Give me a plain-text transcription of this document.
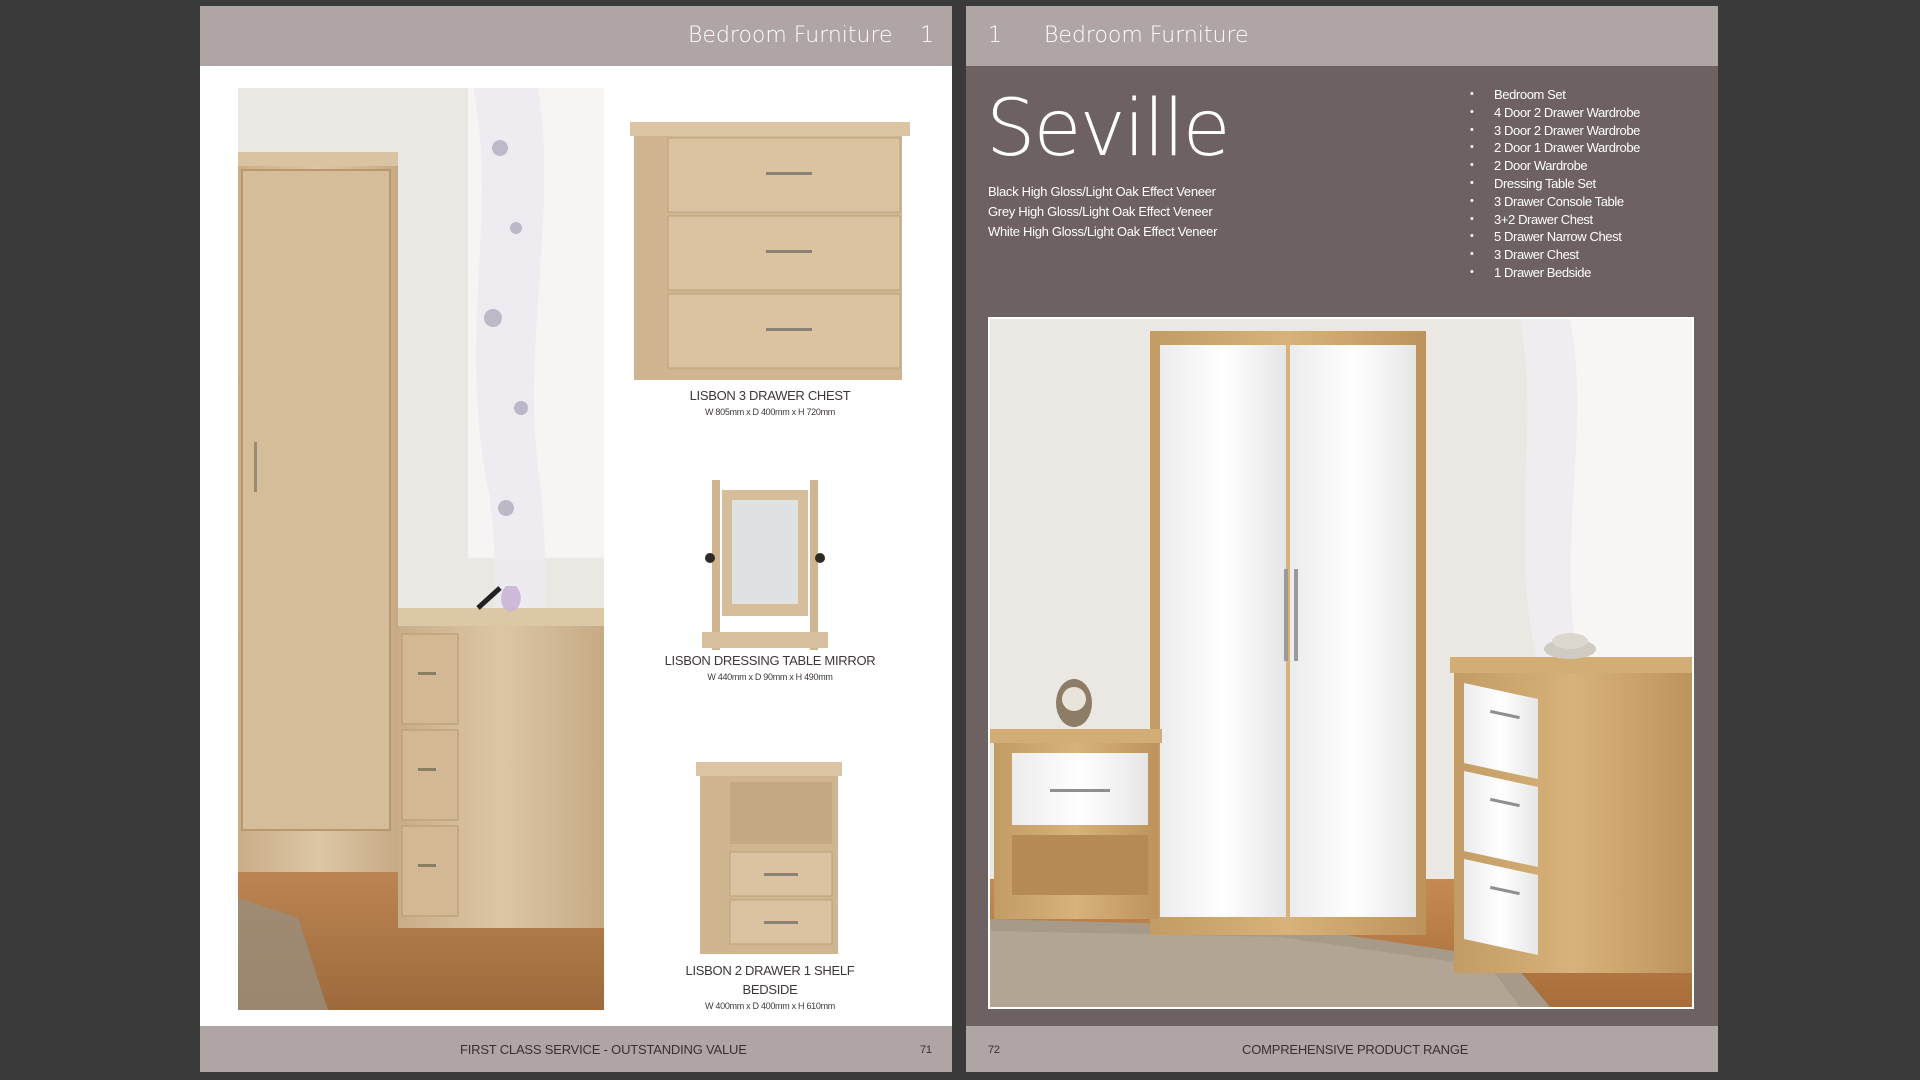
Bedroom Furniture 1
LISBON 3 DRAWER CHEST
W 805mm x D 400mm x H 720mm
LISBON DRESSING TABLE MIRROR
W 440mm x D 90mm x H 490mm
LISBON 2 DRAWER 1 SHELF BEDSIDE
W 400mm x D 400mm x H 610mm
FIRST CLASS SERVICE - OUTSTANDING VALUE	71
1 Bedroom Furniture
Seville
Black High Gloss/Light Oak Effect Veneer
Grey High Gloss/Light Oak Effect Veneer
White High Gloss/Light Oak Effect Veneer
• Bedroom Set
• 4 Door 2 Drawer Wardrobe
• 3 Door 2 Drawer Wardrobe
• 2 Door 1 Drawer Wardrobe
• 2 Door Wardrobe
• Dressing Table Set
• 3 Drawer Console Table
• 3+2 Drawer Chest
• 5 Drawer Narrow Chest
• 3 Drawer Chest
• 1 Drawer Bedside
72	COMPREHENSIVE PRODUCT RANGE
